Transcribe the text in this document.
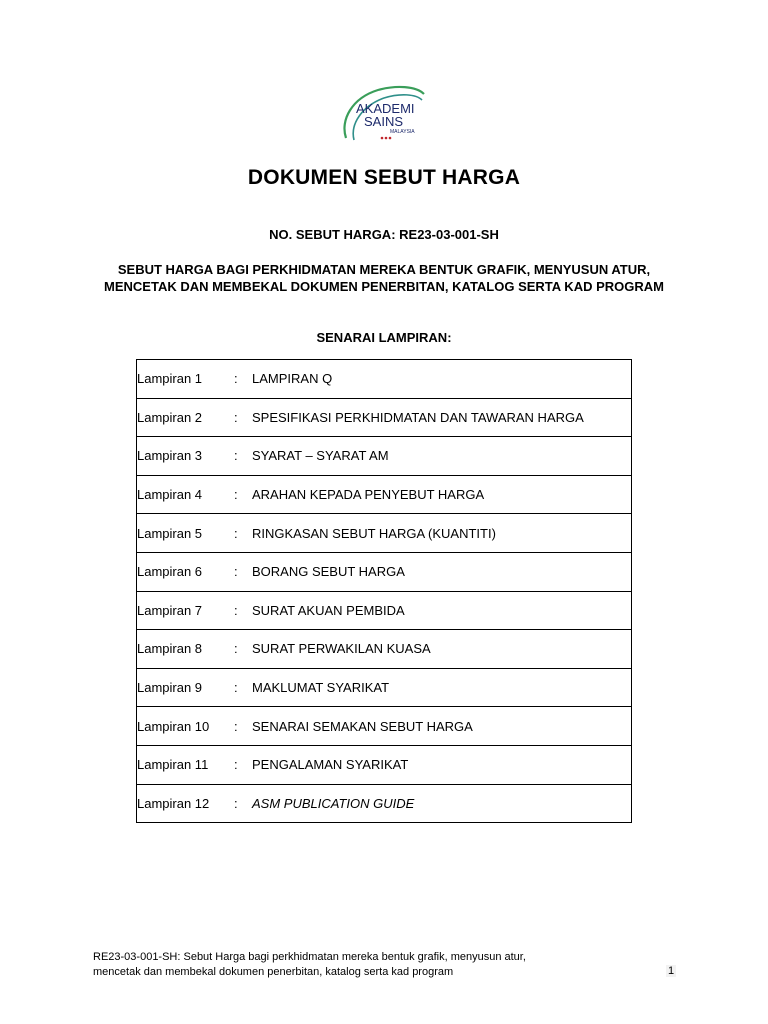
AKADEMI
SAINS
MALAYSIA
DOKUMEN SEBUT HARGA
NO. SEBUT HARGA: RE23-03-001-SH
SEBUT HARGA BAGI PERKHIDMATAN MEREKA BENTUK GRAFIK, MENYUSUN ATUR,
MENCETAK DAN MEMBEKAL DOKUMEN PENERBITAN, KATALOG SERTA KAD PROGRAM
SENARAI LAMPIRAN:
Lampiran 1	:	LAMPIRAN Q
Lampiran 2	:	SPESIFIKASI PERKHIDMATAN DAN TAWARAN HARGA
Lampiran 3	:	SYARAT – SYARAT AM
Lampiran 4	:	ARAHAN KEPADA PENYEBUT HARGA
Lampiran 5	:	RINGKASAN SEBUT HARGA (KUANTITI)
Lampiran 6	:	BORANG SEBUT HARGA
Lampiran 7	:	SURAT AKUAN PEMBIDA
Lampiran 8	:	SURAT PERWAKILAN KUASA
Lampiran 9	:	MAKLUMAT SYARIKAT
Lampiran 10	:	SENARAI SEMAKAN SEBUT HARGA
Lampiran 11	:	PENGALAMAN SYARIKAT
Lampiran 12	:	ASM PUBLICATION GUIDE
RE23-03-001-SH: Sebut Harga bagi perkhidmatan mereka bentuk grafik, menyusun atur,
mencetak dan membekal dokumen penerbitan, katalog serta kad program	1
